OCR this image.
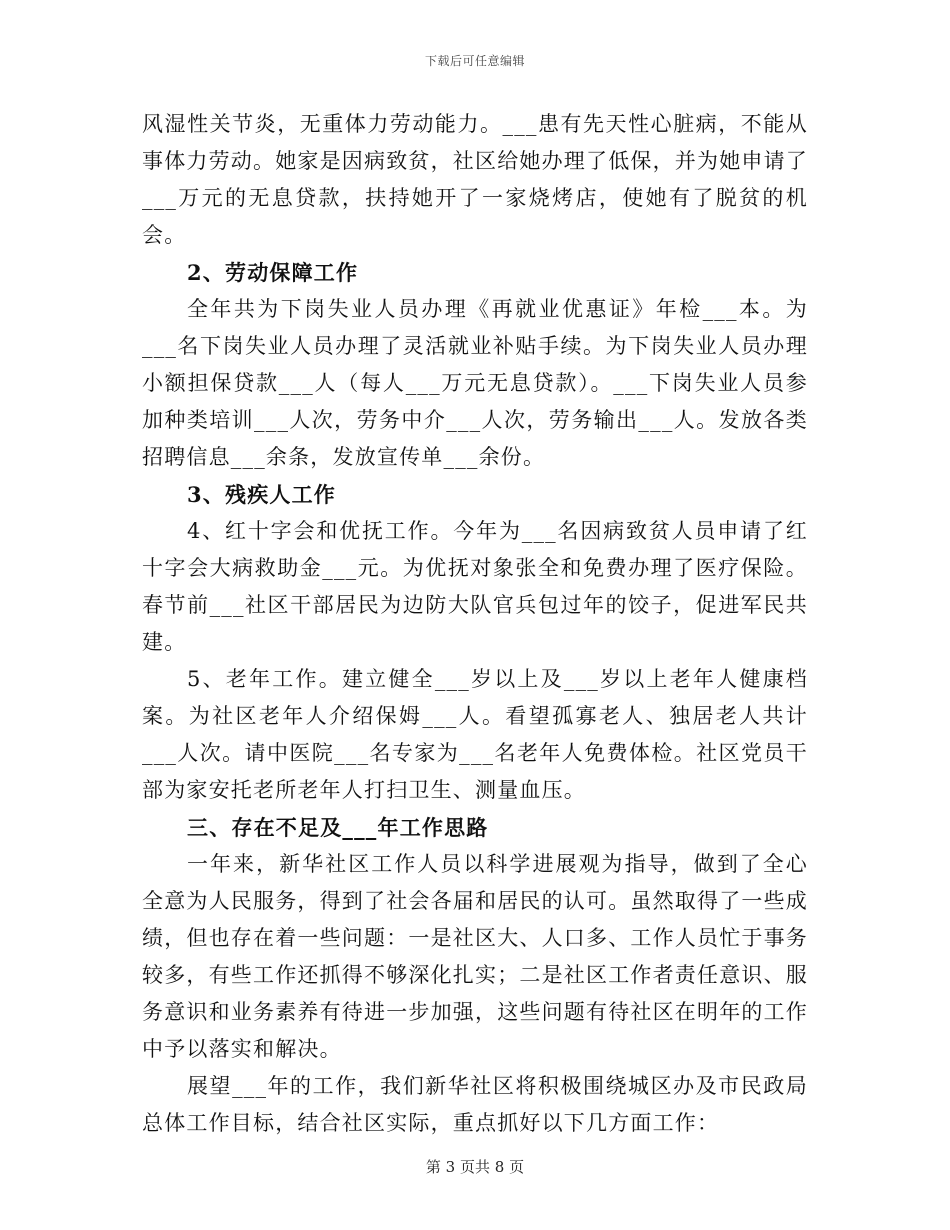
下载后可任意编辑

风湿性关节炎，无重体力劳动能力。___患有先天性心脏病，不能从事体力劳动。她家是因病致贫，社区给她办理了低保，并为她申请了___万元的无息贷款，扶持她开了一家烧烤店，使她有了脱贫的机会。

2、劳动保障工作

全年共为下岗失业人员办理《再就业优惠证》年检___本。为___名下岗失业人员办理了灵活就业补贴手续。为下岗失业人员办理小额担保贷款___人（每人___万元无息贷款）。___下岗失业人员参加种类培训___人次，劳务中介___人次，劳务输出___人。发放各类招聘信息___余条，发放宣传单___余份。

3、残疾人工作

4、红十字会和优抚工作。今年为___名因病致贫人员申请了红十字会大病救助金___元。为优抚对象张全和免费办理了医疗保险。春节前___社区干部居民为边防大队官兵包过年的饺子，促进军民共建。

5、老年工作。建立健全___岁以上及___岁以上老年人健康档案。为社区老年人介绍保姆___人。看望孤寡老人、独居老人共计___人次。请中医院___名专家为___名老年人免费体检。社区党员干部为家安托老所老年人打扫卫生、测量血压。

三、存在不足及___年工作思路

一年来，新华社区工作人员以科学进展观为指导，做到了全心全意为人民服务，得到了社会各届和居民的认可。虽然取得了一些成绩，但也存在着一些问题：一是社区大、人口多、工作人员忙于事务较多，有些工作还抓得不够深化扎实；二是社区工作者责任意识、服务意识和业务素养有待进一步加强，这些问题有待社区在明年的工作中予以落实和解决。

展望___年的工作，我们新华社区将积极围绕城区办及市民政局总体工作目标，结合社区实际，重点抓好以下几方面工作：

第 3 页共 8 页
